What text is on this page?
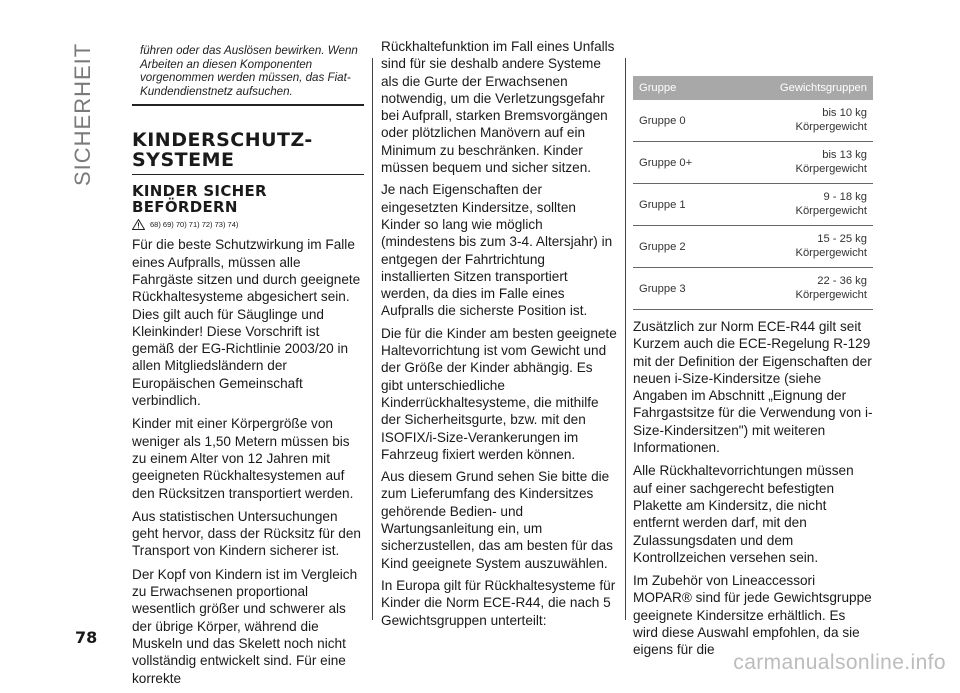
SICHERHEIT	führen oder das Auslösen bewirken. Wenn Arbeiten an diesen Komponenten vorgenommen werden müssen, das Fiat-Kundendienstnetz aufsuchen.
KINDERSCHUTZ-SYSTEME
KINDER SICHER BEFÖRDERN
68) 69) 70) 71) 72) 73) 74)

Für die beste Schutzwirkung im Falle eines Aufpralls, müssen alle Fahrgäste sitzen und durch geeignete Rückhaltesysteme abgesichert sein. Dies gilt auch für Säuglinge und Kleinkinder! Diese Vorschrift ist gemäß der EG-Richtlinie 2003/20 in allen Mitgliedsländern der Europäischen Gemeinschaft verbindlich.

Kinder mit einer Körpergröße von weniger als 1,50 Metern müssen bis zu einem Alter von 12 Jahren mit geeigneten Rückhaltesystemen auf den Rücksitzen transportiert werden.

Aus statistischen Untersuchungen geht hervor, dass der Rücksitz für den Transport von Kindern sicherer ist.

Der Kopf von Kindern ist im Vergleich zu Erwachsenen proportional wesentlich größer und schwerer als der übrige Körper, während die Muskeln und das Skelett noch nicht vollständig entwickelt sind. Für eine korrekte

Rückhaltefunktion im Fall eines Unfalls sind für sie deshalb andere Systeme als die Gurte der Erwachsenen notwendig, um die Verletzungsgefahr bei Aufprall, starken Bremsvorgängen oder plötzlichen Manövern auf ein Minimum zu beschränken. Kinder müssen bequem und sicher sitzen.

Je nach Eigenschaften der eingesetzten Kindersitze, sollten Kinder so lang wie möglich (mindestens bis zum 3-4. Altersjahr) in entgegen der Fahrtrichtung installierten Sitzen transportiert werden, da dies im Falle eines Aufpralls die sicherste Position ist.

Die für die Kinder am besten geeignete Haltevorrichtung ist vom Gewicht und der Größe der Kinder abhängig. Es gibt unterschiedliche Kinderrückhaltesysteme, die mithilfe der Sicherheitsgurte, bzw. mit den ISOFIX/i-Size-Verankerungen im Fahrzeug fixiert werden können.

Aus diesem Grund sehen Sie bitte die zum Lieferumfang des Kindersitzes gehörende Bedien- und Wartungsanleitung ein, um sicherzustellen, das am besten für das Kind geeignete System auszuwählen.

In Europa gilt für Rückhaltesysteme für Kinder die Norm ECE-R44, die nach 5 Gewichtsgruppen unterteilt:

Gruppe	Gewichtsgruppen
Gruppe 0	bis 10 kg
Körpergewicht
Gruppe 0+	bis 13 kg
Körpergewicht
Gruppe 1	9 - 18 kg
Körpergewicht
Gruppe 2	15 - 25 kg
Körpergewicht
Gruppe 3	22 - 36 kg
Körpergewicht

Zusätzlich zur Norm ECE-R44 gilt seit Kurzem auch die ECE-Regelung R-129 mit der Definition der Eigenschaften der neuen i-Size-Kindersitze (siehe Angaben im Abschnitt „Eignung der Fahrgastsitze für die Verwendung von i-Size-Kindersitzen") mit weiteren Informationen.

Alle Rückhaltevorrichtungen müssen auf einer sachgerecht befestigten Plakette am Kindersitz, die nicht entfernt werden darf, mit den Zulassungsdaten und dem Kontrollzeichen versehen sein.

Im Zubehör von Lineaccessori MOPAR® sind für jede Gewichtsgruppe geeignete Kindersitze erhältlich. Es wird diese Auswahl empfohlen, da sie eigens für die

78
carmanualsonline.info
